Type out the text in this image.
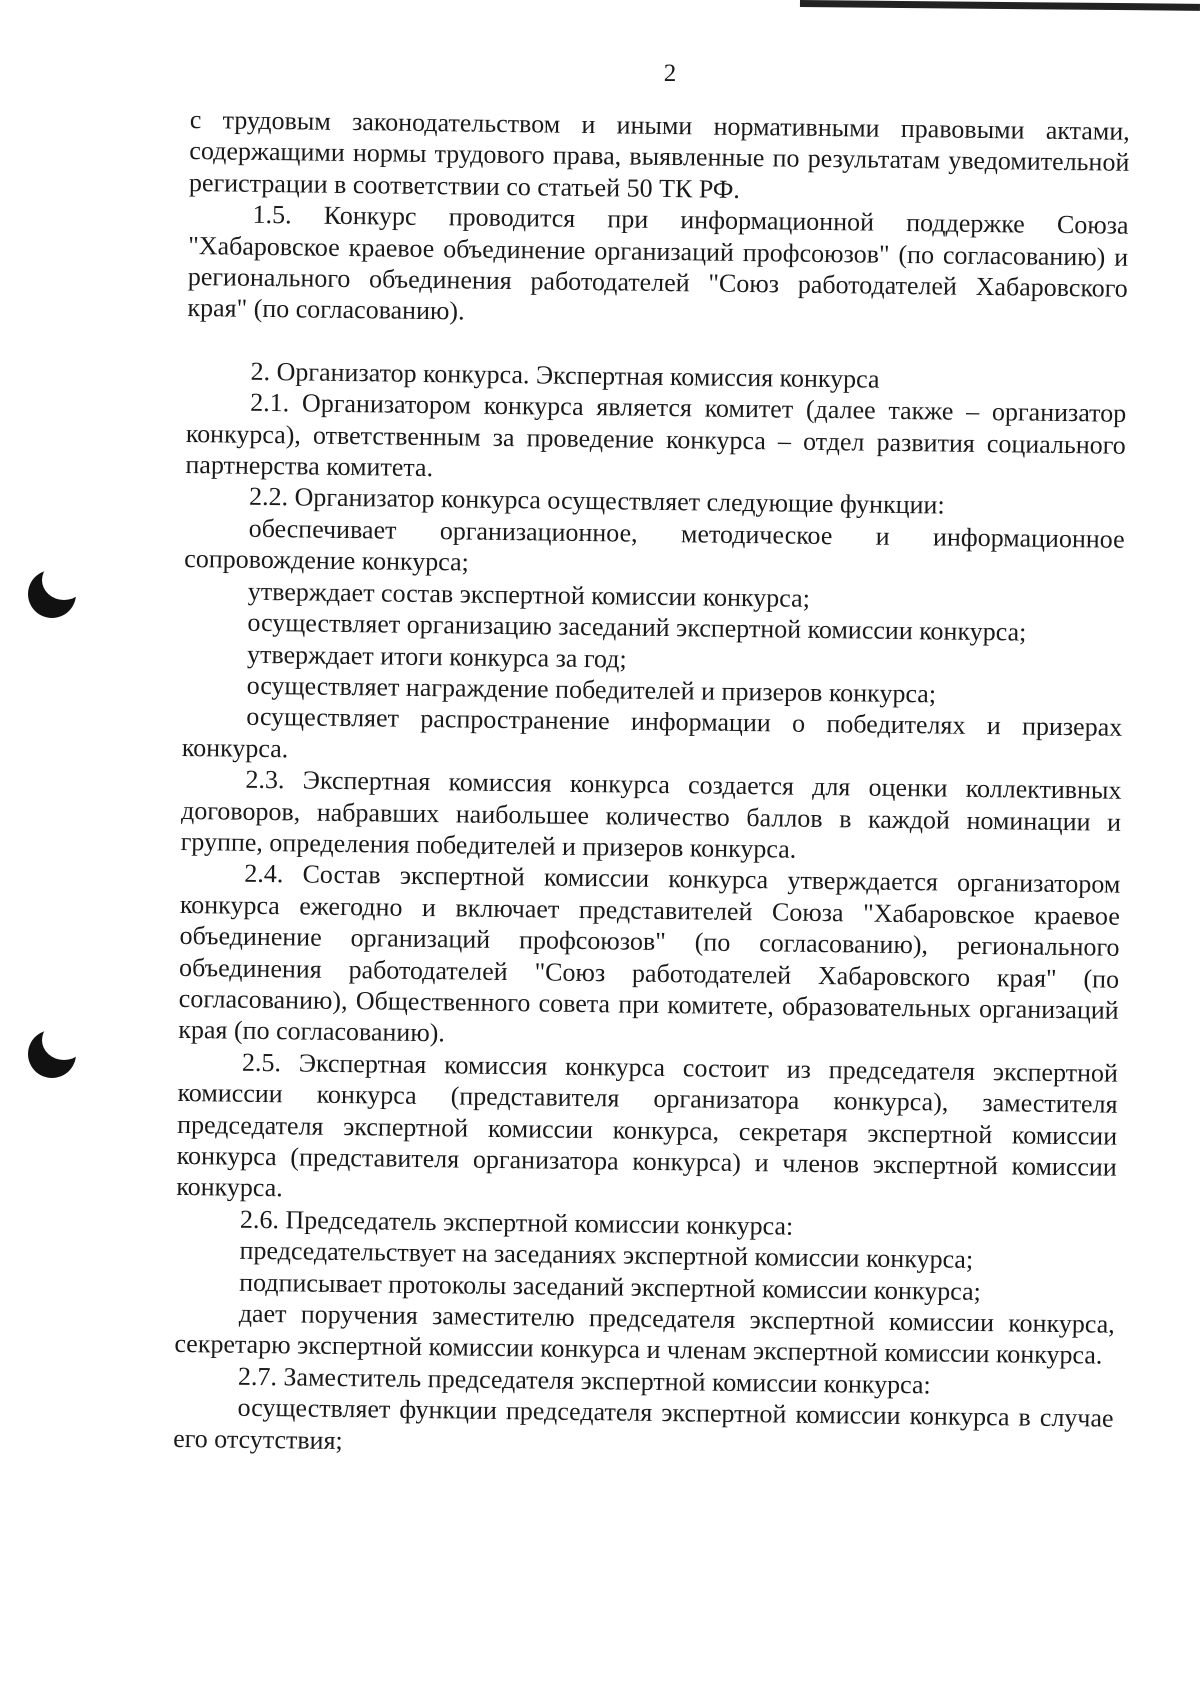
2

с трудовым законодательством и иными нормативными правовыми актами, содержащими нормы трудового права, выявленные по результатам уведомительной регистрации в соответствии со статьей 50 ТК РФ.

1.5. Конкурс проводится при информационной поддержке Союза "Хабаровское краевое объединение организаций профсоюзов" (по согласованию) и регионального объединения работодателей "Союз работодателей Хабаровского края" (по согласованию).

2. Организатор конкурса. Экспертная комиссия конкурса

2.1. Организатором конкурса является комитет (далее также – организатор конкурса), ответственным за проведение конкурса – отдел развития социального партнерства комитета.

2.2. Организатор конкурса осуществляет следующие функции:

обеспечивает организационное, методическое и информационное сопровождение конкурса;

утверждает состав экспертной комиссии конкурса;

осуществляет организацию заседаний экспертной комиссии конкурса;

утверждает итоги конкурса за год;

осуществляет награждение победителей и призеров конкурса;

осуществляет распространение информации о победителях и призерах конкурса.

2.3. Экспертная комиссия конкурса создается для оценки коллективных договоров, набравших наибольшее количество баллов в каждой номинации и группе, определения победителей и призеров конкурса.

2.4. Состав экспертной комиссии конкурса утверждается организатором конкурса ежегодно и включает представителей Союза "Хабаровское краевое объединение организаций профсоюзов" (по согласованию), регионального объединения работодателей "Союз работодателей Хабаровского края" (по согласованию), Общественного совета при комитете, образовательных организаций края (по согласованию).

2.5. Экспертная комиссия конкурса состоит из председателя экспертной комиссии конкурса (представителя организатора конкурса), заместителя председателя экспертной комиссии конкурса, секретаря экспертной комиссии конкурса (представителя организатора конкурса) и членов экспертной комиссии конкурса.

2.6. Председатель экспертной комиссии конкурса:

председательствует на заседаниях экспертной комиссии конкурса;

подписывает протоколы заседаний экспертной комиссии конкурса;

дает поручения заместителю председателя экспертной комиссии конкурса, секретарю экспертной комиссии конкурса и членам экспертной комиссии конкурса.

2.7. Заместитель председателя экспертной комиссии конкурса:

осуществляет функции председателя экспертной комиссии конкурса в случае его отсутствия;
